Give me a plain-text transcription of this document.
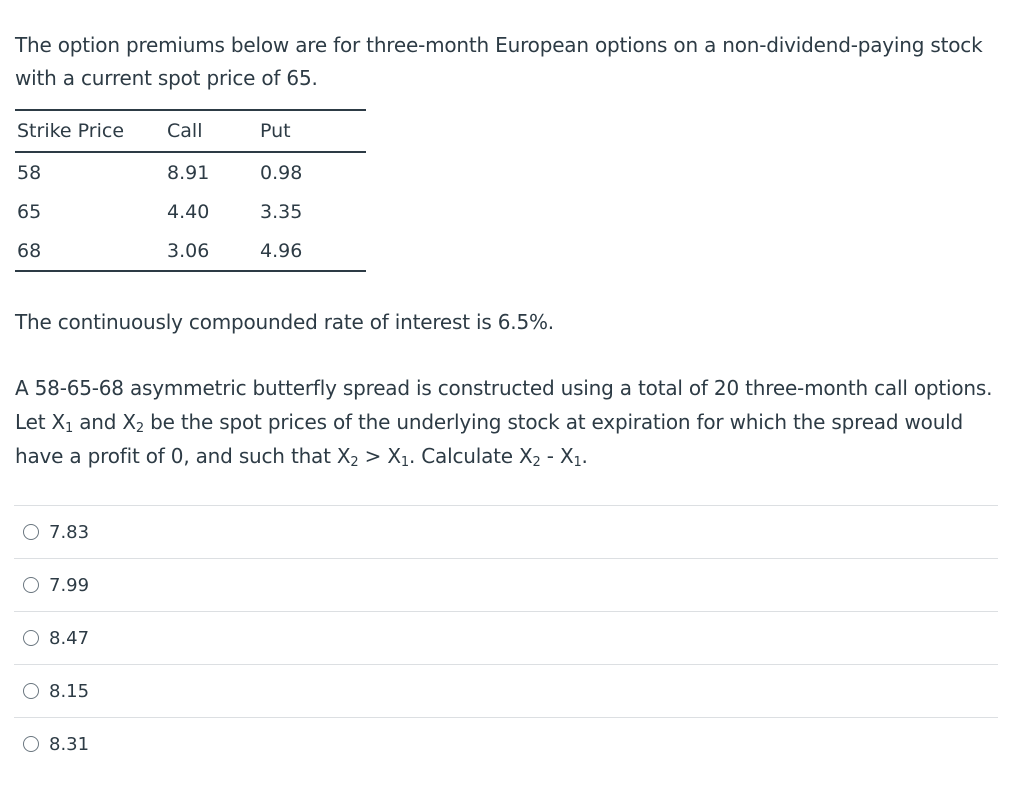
The option premiums below are for three-month European options on a non-dividend-paying stock with a current spot price of 65.

Strike Price	Call	Put
58	8.91	0.98
65	4.40	3.35
68	3.06	4.96

The continuously compounded rate of interest is 6.5%.

A 58-65-68 asymmetric butterfly spread is constructed using a total of 20 three-month call options. Let $X_1$ and $X_2$ be the spot prices of the underlying stock at expiration for which the spread would have a profit of 0, and such that $X_2 > X_1$. Calculate $X_2 - X_1$.

7.83
7.99
8.47
8.15
8.31
